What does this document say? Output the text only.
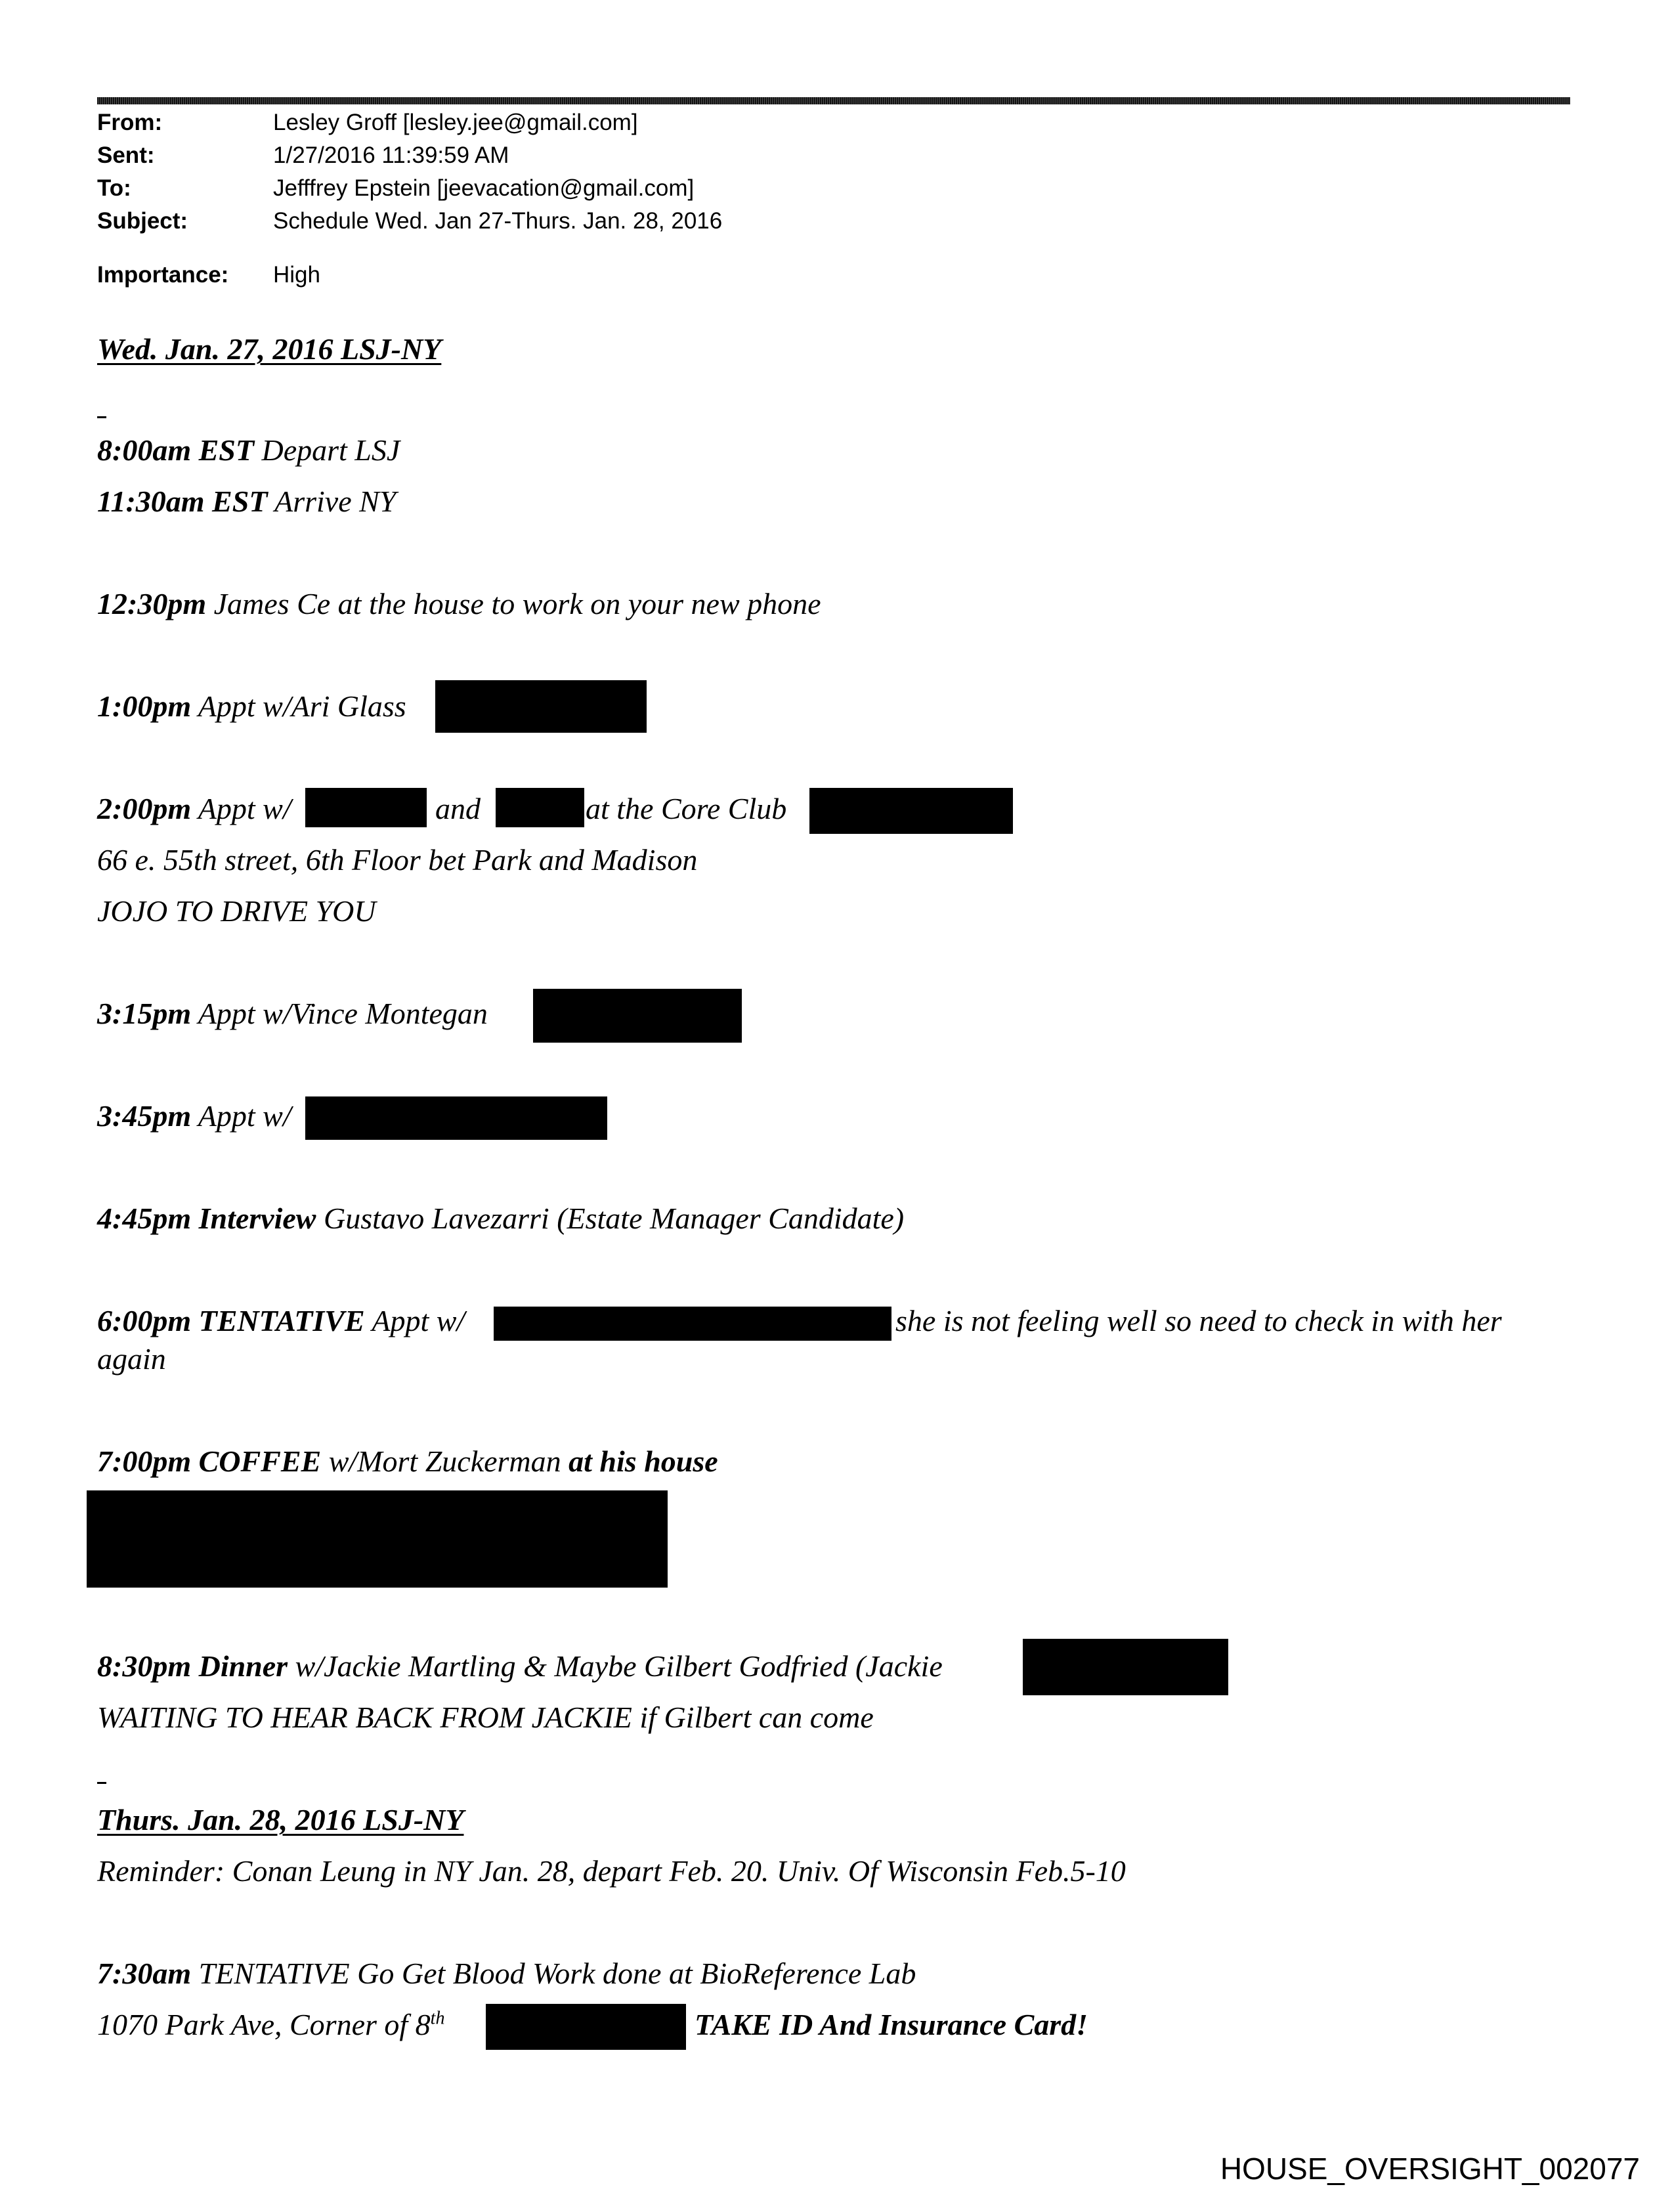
From:	Lesley Groff [lesley.jee@gmail.com]
Sent:	1/27/2016 11:39:59 AM
To:	Jefffrey Epstein [jeevacation@gmail.com]
Subject:	Schedule Wed. Jan 27-Thurs. Jan. 28, 2016
Importance: High
Wed. Jan. 27, 2016 LSJ-NY
8:00am EST Depart LSJ
11:30am EST Arrive NY
12:30pm James Ce at the house to work on your new phone
1:00pm Appt w/Ari Glass
2:00pm Appt w/	and	at the Core Club
66 e. 55th street, 6th Floor bet Park and Madison
JOJO TO DRIVE YOU
3:15pm Appt w/Vince Montegan
3:45pm Appt w/
4:45pm Interview Gustavo Lavezarri (Estate Manager Candidate)
6:00pm TENTATIVE Appt w/	she is not feeling well so need to check in with her
again
7:00pm COFFEE w/Mort Zuckerman at his house
8:30pm Dinner w/Jackie Martling & Maybe Gilbert Godfried (Jackie
WAITING TO HEAR BACK FROM JACKIE if Gilbert can come
Thurs. Jan. 28, 2016 LSJ-NY
Reminder: Conan Leung in NY Jan. 28, depart Feb. 20. Univ. Of Wisconsin Feb.5-10
7:30am TENTATIVE Go Get Blood Work done at BioReference Lab
1070 Park Ave, Corner of 8th	TAKE ID And Insurance Card!
HOUSE_OVERSIGHT_002077
